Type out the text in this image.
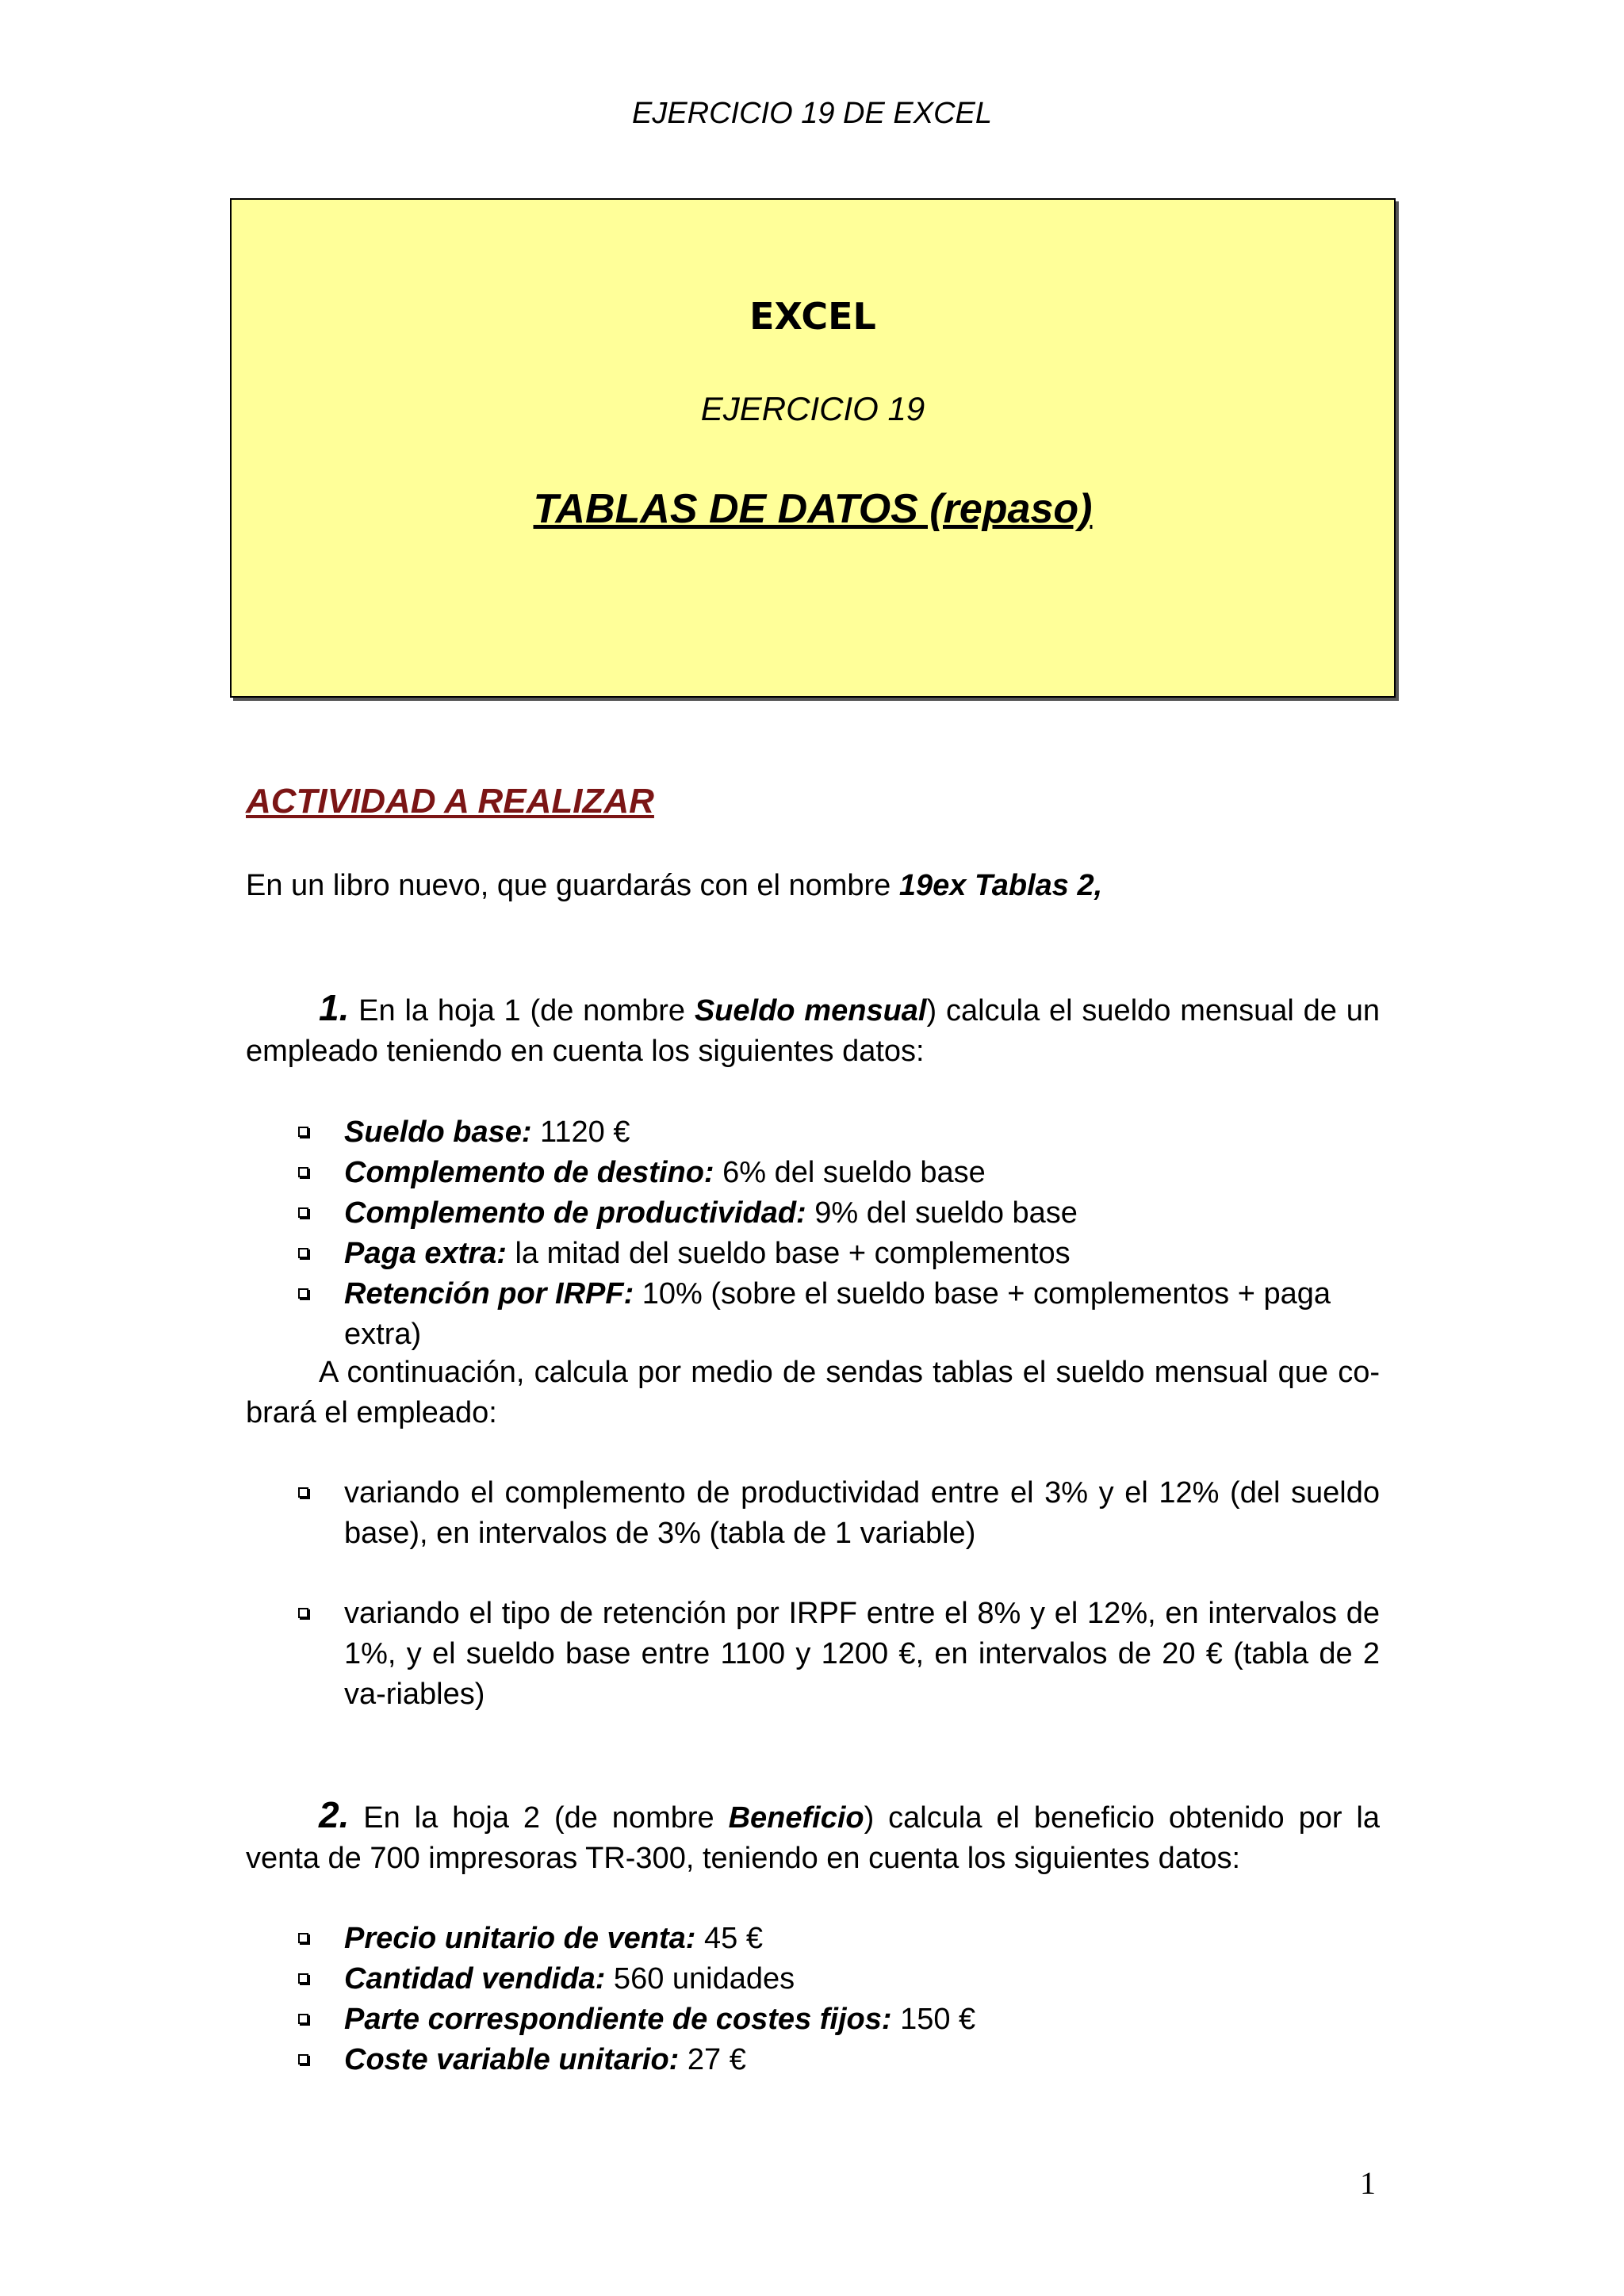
EJERCICIO 19 DE EXCEL
EXCEL
EJERCICIO 19
TABLAS DE DATOS (repaso)
ACTIVIDAD A REALIZAR
En un libro nuevo, que guardarás con el nombre 19ex Tablas 2,
1. En la hoja 1 (de nombre Sueldo mensual) calcula el sueldo mensual de un empleado teniendo en cuenta los siguientes datos:
Sueldo base: 1120 €
Complemento de destino: 6% del sueldo base
Complemento de productividad: 9% del sueldo base
Paga extra: la mitad del sueldo base + complementos
Retención por IRPF: 10% (sobre el sueldo base + complementos + paga extra)
A continuación, calcula por medio de sendas tablas el sueldo mensual que co-brará el empleado:
variando el complemento de productividad entre el 3% y el 12% (del sueldo base), en intervalos de 3% (tabla de 1 variable)
variando el tipo de retención por IRPF entre el 8% y el 12%, en intervalos de 1%, y el sueldo base entre 1100 y 1200 €, en intervalos de 20 € (tabla de 2 va-riables)
2. En la hoja 2 (de nombre Beneficio) calcula el beneficio obtenido por la venta de 700 impresoras TR-300, teniendo en cuenta los siguientes datos:
Precio unitario de venta: 45 €
Cantidad vendida: 560 unidades
Parte correspondiente de costes fijos: 150 €
Coste variable unitario: 27 €
1
